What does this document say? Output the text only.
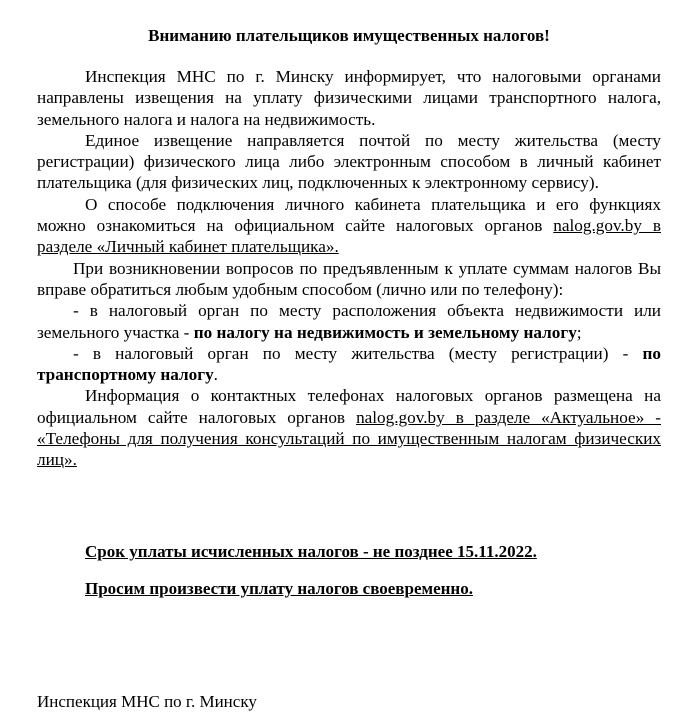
Вниманию плательщиков имущественных налогов!

Инспекция МНС по г. Минску информирует, что налоговыми органами направлены извещения на уплату физическими лицами транспортного налога, земельного налога и налога на недвижимость.

Единое извещение направляется почтой по месту жительства (месту регистрации) физического лица либо электронным способом в личный кабинет плательщика (для физических лиц, подключенных к электронному сервису).

О способе подключения личного кабинета плательщика и его функциях можно ознакомиться на официальном сайте налоговых органов nalog.gov.by в разделе «Личный кабинет плательщика».

При возникновении вопросов по предъявленным к уплате суммам налогов Вы вправе обратиться любым удобным способом (лично или по телефону):

- в налоговый орган по месту расположения объекта недвижимости или земельного участка - по налогу на недвижимость и земельному налогу;

- в налоговый орган по месту жительства (месту регистрации) - по транспортному налогу.

Информация о контактных телефонах налоговых органов размещена на официальном сайте налоговых органов nalog.gov.by в разделе «Актуальное» - «Телефоны для получения консультаций по имущественным налогам физических лиц».

Срок уплаты исчисленных налогов - не позднее 15.11.2022.

Просим произвести уплату налогов своевременно.

Инспекция МНС по г. Минску
